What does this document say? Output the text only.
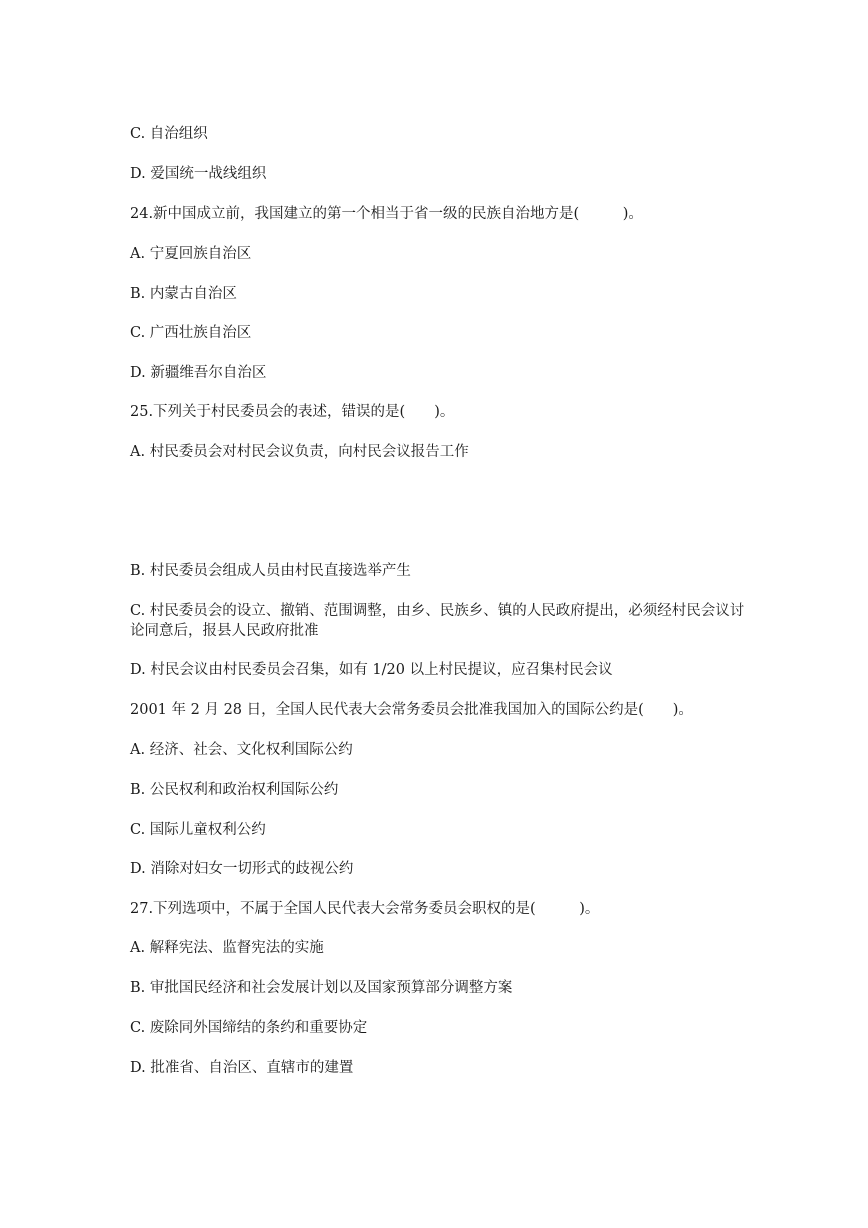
C. 自治组织
D. 爱国统一战线组织
24.新中国成立前，我国建立的第一个相当于省一级的民族自治地方是(　　　)。
A. 宁夏回族自治区
B. 内蒙古自治区
C. 广西壮族自治区
D. 新疆维吾尔自治区
25.下列关于村民委员会的表述，错误的是(　　)。
A. 村民委员会对村民会议负责，向村民会议报告工作
B. 村民委员会组成人员由村民直接选举产生
C. 村民委员会的设立、撤销、范围调整，由乡、民族乡、镇的人民政府提出，必须经村民会议讨论同意后，报县人民政府批准
D. 村民会议由村民委员会召集，如有 1/20 以上村民提议，应召集村民会议
2001 年 2 月 28 日，全国人民代表大会常务委员会批准我国加入的国际公约是(　　)。
A. 经济、社会、文化权利国际公约
B. 公民权利和政治权利国际公约
C. 国际儿童权利公约
D. 消除对妇女一切形式的歧视公约
27.下列选项中，不属于全国人民代表大会常务委员会职权的是(　　　)。
A. 解释宪法、监督宪法的实施
B. 审批国民经济和社会发展计划以及国家预算部分调整方案
C. 废除同外国缔结的条约和重要协定
D. 批准省、自治区、直辖市的建置
